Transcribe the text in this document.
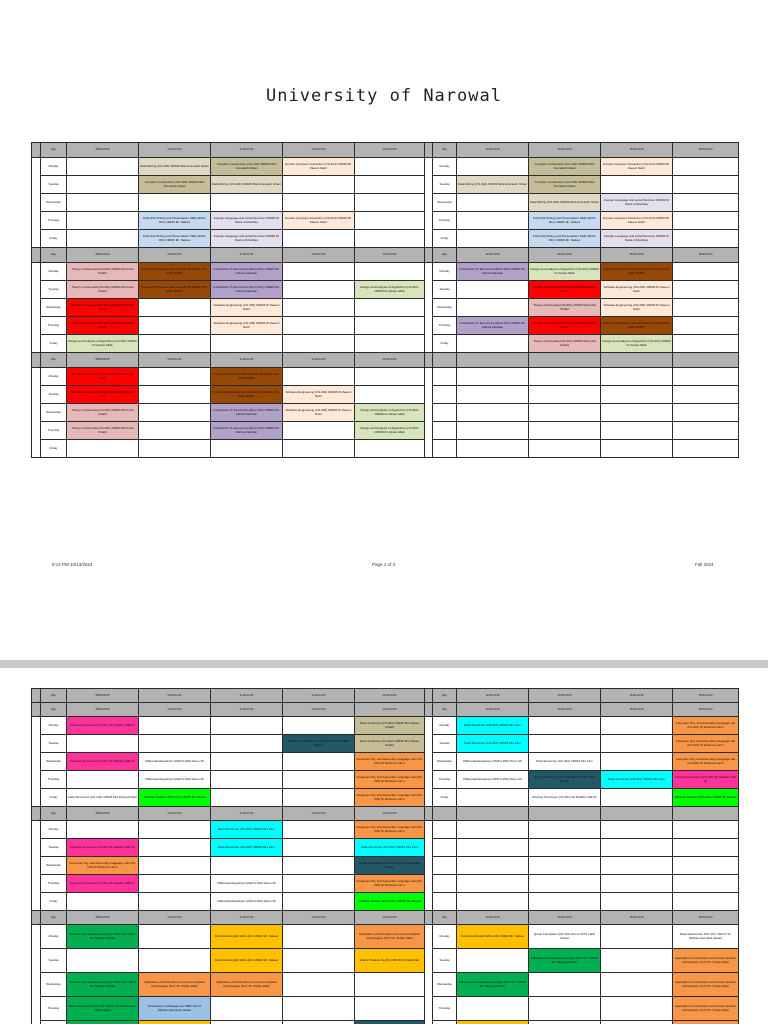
University of Narowal
Semest	Day	08:00-09:30	09:30-11:00	11:00-12:30	12:30-14:00	14:00-15:30
	Monday		Data Mining (CS-324) CR#29 Miss Ammarah Ghani	Compiler Construction (CS-432) CR#29 Miss Ammarah Ghani	Human Computer Interaction (CS-424) CR#19 Mr. Zaeem Nazir	
	Tuesday		Compiler Construction (CS-432) CR#29 Miss Ammarah Ghani	Data Mining (CS-324) CR#29 Miss Ammarah Ghani		
	Wednesday					
	Thursday		Technical Writing and Presentation Skills (ENG-301) CR#29 Mr. Nafees	Foreign Language and social Services CR#29 Dr Raza ul Mushtaq	Human Computer Interaction (CS-424) CR#19 Mr. Zaeem Nazir	
	Friday		Technical Writing and Presentation Skills (ENG-301) CR#29 Mr. Nafees	Foreign Language and social Services CR#29 Dr Raza ul Mushtaq		
Semest	Day	08:00-09:30	09:30-11:00	11:00-12:30	12:30-14:00	14:00-15:30
	Monday	Theory of Automata (CS-301) CR#26 Ms Fozia Khalid	Internet Architecture and protocols Dr Zubair (CS-324) CR#26	Introduction To Economics (ECO-101) CR#29 Ms. Fatima Zarahan		
	Tuesday	Theory of Automata (CS-301) CR#26 Ms Fozia Khalid	Internet Architecture and protocols Dr Zubair (CS-324) CR#26	Introduction To Economics (ECO-101) CR#29 Ms. Fatima Zarahan		Design and Analysis of Algorithms (CS-301) CR#29 Dr Adnan Aftab
	Wednesday	Parallel Computing (CS-312) CR#28 Dr Shahid Amin		Software Engineering (CS-303) CR#26 Dr Zaeem Nazir		
	Thursday	Parallel Computing (CS-312) CR#28 Dr Shahid Amin		Software Engineering (CS-303) CR#26 Dr Zaeem Nazir		
	Friday	Design and Analysis of Algorithms (CS-301) CR#29 Dr Adnan Aftab				
Semest	Day	08:00-09:30	09:30-11:00	11:00-12:30	12:30-14:00	14:00-15:30
	Monday	Parallel Computing (CS-312) CR#28 Dr Shahid Amin		Internet Architecture and protocols Dr Zubair (CS-324) CR#26		
	Tuesday	Parallel Computing (CS-312) CR#28 Dr Shahid Amin		Internet Architecture and protocols Dr Zubair (CS-324) CR#26	Software Engineering (CS-303) CR#26 Dr Zaeem Nazir	
	Wednesday	Theory of Automata (CS-301) CR#26 Ms Fozia Khalid		Introduction To Economics (ECO-101) CR#29 Ms. Fatima Zarahan	Software Engineering (CS-303) CR#26 Dr Zaeem Nazir	Design and Analysis of Algorithms (CS-301) CR#29 Dr Adnan Aftab
	Thursday	Theory of Automata (CS-301) CR#26 Ms Fozia Khalid		Introduction To Economics (ECO-101) CR#29 Ms. Fatima Zarahan		Design and Analysis of Algorithms (CS-301) CR#29 Dr Adnan Aftab
	Friday					
	Day	12:00-13:30	13:30-15:00	15:00-16:30	18:00-19:30
	Monday		Compiler Construction (CS-432) CR#29 Miss Ammarah Ghani	Human Computer Interaction (CS-424) CR#19 Mr. Zaeem Nazir	
	Tuesday	Data Mining (CS-324) CR#29 Miss Ammarah Ghani	Compiler Construction (CS-432) CR#29 Miss Ammarah Ghani		
	Wednesday		Data Mining (CS-324) CR#29 Miss Ammarah Ghani	Foreign Language and social Services CR#29 Dr Raza ul Mushtaq	
	Thursday		Technical Writing and Presentation Skills (ENG-301) CR#29 Mr. Nafees	Human Computer Interaction (CS-424) CR#19 Mr. Zaeem Nazir	
	Friday		Technical Writing and Presentation Skills (ENG-301) CR#29 Mr. Nafees	Foreign Language and social Services CR#29 Dr Raza ul Mushtaq	
	Day	12:00-13:30	13:30-15:00	15:00-16:30	18:00-19:30
	Monday	Introduction To Economics (ECO-101) CR#29 Ms. Fatima Zarahan	Design and Analysis of Algorithms (CS-301) CR#29 Dr Adnan Aftab	Internet Architecture and protocols Dr Zubair (CS-324) CR#26	
	Tuesday		Parallel Computing (CS-312) CR#28 Dr Shahid Amin	Software Engineering (CS-303) CR#26 Dr Zaeem Nazir	
	Wednesday		Theory of Automata (CS-301) CR#26 Ms Fozia Khalid	Software Engineering (CS-303) CR#26 Dr Zaeem Nazir	
	Thursday	Introduction To Economics (ECO-101) CR#29 Ms. Fatima Zarahan	Parallel Computing (CS-312) CR#28 Dr Shahid Amin	Internet Architecture and protocols Dr Zubair (CS-324) CR#26	
	Friday		Theory of Automata (CS-301) CR#26 Ms Fozia Khalid	Design and Analysis of Algorithms (CS-301) CR#29 Dr Adnan Aftab	

9:14 PM 10/13/2024	Page 1 of 3	Fall 2024
emest	Day	08:00-09:30	09:30-11:00	11:00-12:30	12:30-14:00	14:00-15:30
emest	Day	08:00-09:30	09:30-11:00	11:00-12:30	12:30-14:00	14:00-15:30
	Monday	Discrete Structures (CS-201) Mr Madiha CR# 21				Data Structures (CS-202) CR#25 Mrs Parwa Khalid
	Tuesday				Quran Translation (QT-101) Room 25 Dr Hafiz Ghaus	Data Structures (CS-202) CR#25 Mrs Parwa Khalid
	Wednesday	Discrete Structures (CS-201) Mr Madiha CR# 21	Differential Equations (MATH-206) Room 25			Computer Org. and Assembly Language Lab (CS-201) Dr Rehman Lab 2
	Thursday		Differential Equations (MATH-206) Room 25			Computer Org. and Assembly Language Lab (CS-201) Dr Rehman Lab 2
	Friday	Data Structures (CS-202) CR#25 Mrs Parwa Khalid	Pakistan Studies (PKS-101) CR#25 Mr Ahmad			Computer Org. and Assembly Language Lab (CS-201) Dr Rehman Lab 2
emest	Day	08:00-09:30	09:30-11:00	11:00-12:30	12:30-14:00	14:00-15:30
	Monday			Data Structures (CS-202) CR#24 Mrs Iram		Computer Org. and Assembly Language Lab (CS-201) Dr Rehman Lab 2
	Tuesday	Discrete Structures (CS-201) Mr Madiha CR# 21		Data Structures (CS-202) CR#24 Mrs Iram		Data Structures (CS-202) CR#24 Mrs Iram
	Wednesday	Computer Org. and Assembly Language Lab (CS-201) Dr Rehman Lab 2				Quran Translation (QT-101) Room 25 Dr Hafiz Ghaus
	Thursday	Discrete Structures (CS-201) Mr Madiha CR# 21		Differential Equations (MATH-206) Room 25		Computer Org. and Assembly Language Lab (CS-201) Dr Rehman Lab 2
	Friday			Differential Equations (MATH-206) Room 25		Pakistan Studies (PKS-101) CR#25 Mr Ahmad
emest	Day	08:00-09:30	09:30-11:00	11:00-12:30	12:30-14:00	14:00-15:30
	Monday	Calculus and analytical geometry Math 101 CR#29 Mr. Mubeen Abbas		Functional English ENG-101 CR#22 Mr. Nafees		Application of Information and Communication technologies (ICT) Mr. Zubair Zafar
	Tuesday			Functional English ENG-101 CR#22 Mr. Nafees		Islamic Studies IS-101 CR# 28 Dr Fazal Rab
	Wednesday	Calculus and analytical geometry Math 101 CR#29 Mr. Mubeen Abbas	Application of Information and Communication technologies (ICT) Mr. Zubair Zafar	Application of Information and Communication technologies (ICT) Mr. Zubair Zafar		
	Thursday	Basic Electronics PHY-107 CR# 27 Dr Muhammad Iqbal Jawad	Introduction to Management BBA 101 Dr Muhammad Iqbal Jawad			

	Day	12:00-13:30	13:30-15:00	15:00-16:30	18:00-19:30
	Day	12:00-13:30	13:30-15:00	15:00-16:30	18:00-19:30
	Monday	Data Structures (CS-202) CR#24 Mrs Iram			Computer Org. and Assembly Language Lab (CS-201) Dr Rehman Lab 2
	Tuesday	Data Structures (CS-202) CR#24 Mrs Iram			Computer Org. and Assembly Language Lab (CS-201) Dr Rehman Lab 2
	Wednesday	Differential Equations (MATH-206) Room 25	Data Structures (CS-202) CR#24 Mrs Iram		Computer Org. and Assembly Language Lab (CS-201) Dr Rehman Lab 2
	Thursday	Differential Equations (MATH-206) Room 25	Quran Translation (QT-101) Room 25 Dr Hafiz Ghaus	Data Structures (CS-202) CR#24 Mrs Iram	Discrete Structures (CS-201) Mr Madiha CR# 21
	Friday		Discrete Structures (CS-201) Mr Madiha CR# 21		Pakistan Studies (PKS-101) CR#25 Mr Ahmad

	Day	12:00-13:30	13:30-15:00	15:00-16:30	18:00-19:30
	Monday	Functional English ENG-101 CR#22 Mr. Nafees	Quran Translation (QT-101) Room 25 Dr Hafiz Ghaus		Basic Electronics PHY-107 CR# 27 Dr Muhammad Iqbal Jawad
	Tuesday		Calculus and analytical geometry Math 101 CR#29 Mr. Mubeen Abbas		Application of Information and Communication technologies (ICT) Mr. Zubair Zafar
	Wednesday	Calculus and analytical geometry Math 101 CR#29 Mr. Mubeen Abbas			Application of Information and Communication technologies (ICT) Mr. Zubair Zafar
	Thursday				Application of Information and Communication technologies (ICT) Mr. Zubair Zafar
